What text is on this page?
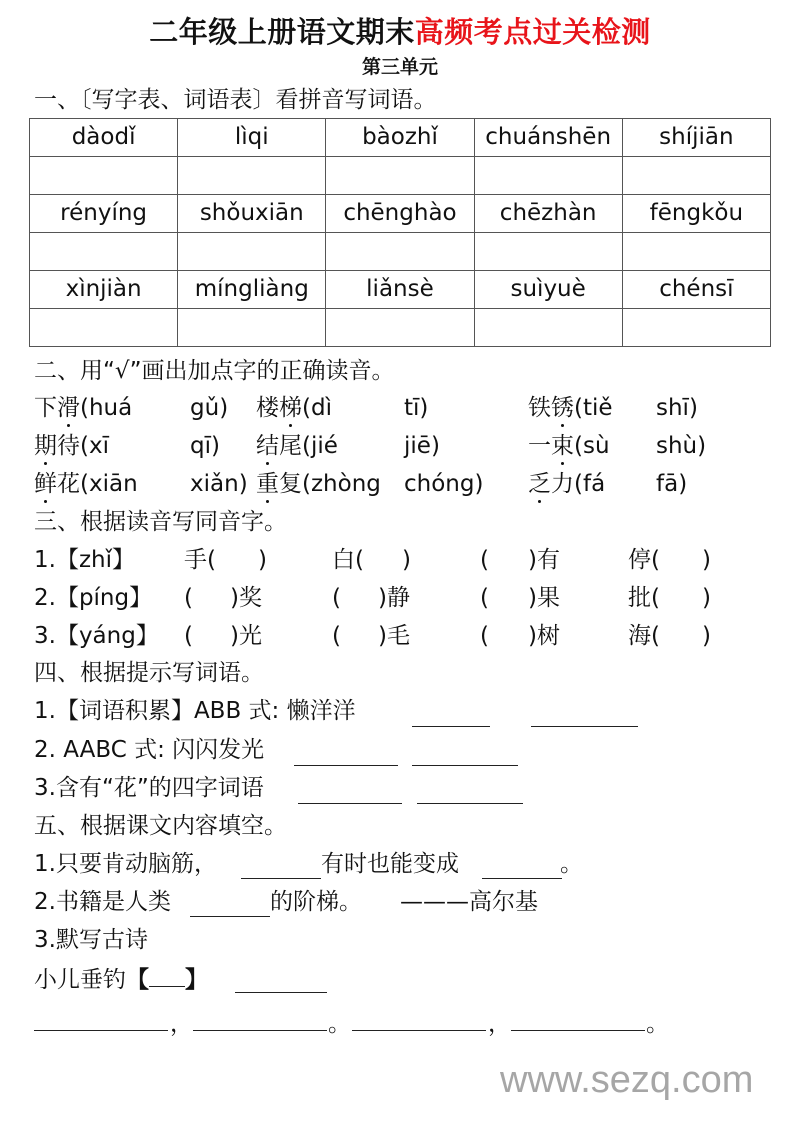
二年级上册语文期末高频考点过关检测
第三单元
一、〔写字表、词语表〕看拼音写词语。
dàodǐ	lìqi	bàozhǐ	chuánshēn	shíjiān

rényíng	shǒuxiān	chēnghào	chēzhàn	fēngkǒu

xìnjiàn	míngliàng	liǎnsè	suìyuè	chénsī

二、用“√”画出加点字的正确读音。
下滑(huá	gǔ) 楼梯(dì	tī)	铁锈(tiě shī)
期待(xī	qī) 结尾(jié	jiē)	一束(sù shù)
鲜花(xiān xiǎn) 重复(zhòng chóng) 乏力(fá fā)
三、根据读音写同音字。
1.【zhǐ】 手( )	白( )	( )有	停( )
2.【píng】 ( )奖	( )静	( )果	批( )
3.【yáng】 ( )光	( )毛	( )树	海( )
四、根据提示写词语。
1.【词语积累】ABB 式: 懒洋洋
2. AABC 式: 闪闪发光
3.含有“花”的四字词语
五、根据课文内容填空。
1.只要肯动脑筋，	有时也能变成	。
2.书籍是人类	的阶梯。 ———高尔基
3.默写古诗
小儿垂钓【 】
，	。	，	。
www.sezq.com
